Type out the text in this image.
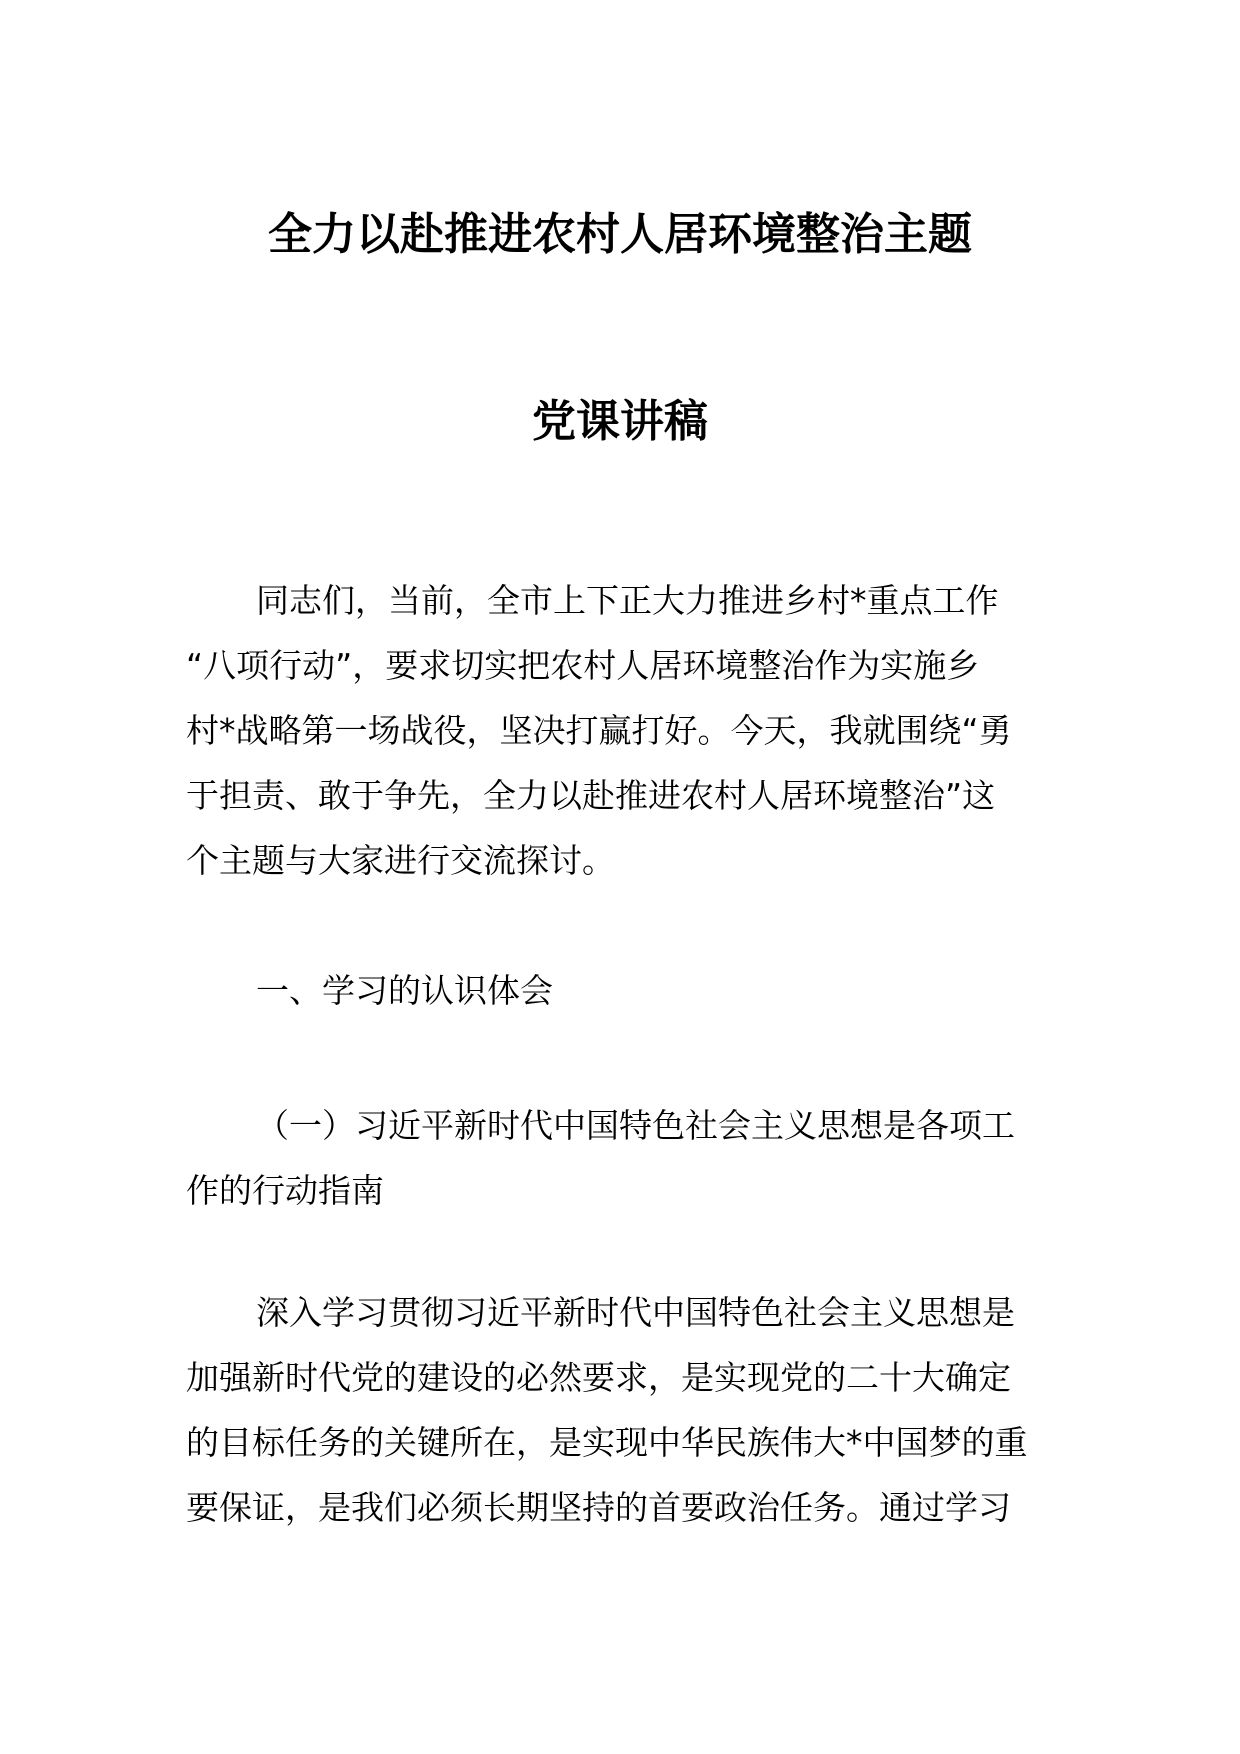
全力以赴推进农村人居环境整治主题
党课讲稿
同志们，当前，全市上下正大力推进乡村*重点工作
“八项行动”，要求切实把农村人居环境整治作为实施乡
村*战略第一场战役，坚决打赢打好。今天，我就围绕“勇
于担责、敢于争先，全力以赴推进农村人居环境整治”这
个主题与大家进行交流探讨。
一、学习的认识体会
（一）习近平新时代中国特色社会主义思想是各项工
作的行动指南
深入学习贯彻习近平新时代中国特色社会主义思想是
加强新时代党的建设的必然要求，是实现党的二十大确定
的目标任务的关键所在，是实现中华民族伟大*中国梦的重
要保证，是我们必须长期坚持的首要政治任务。通过学习
